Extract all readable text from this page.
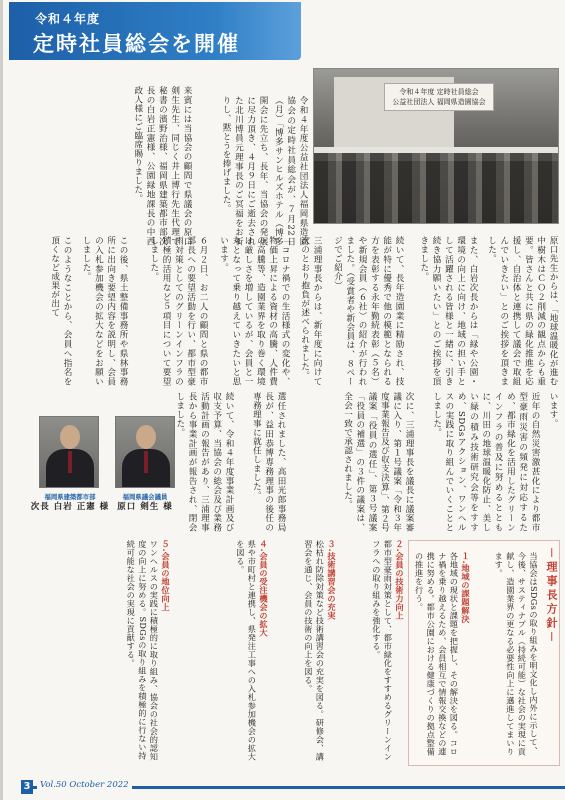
令和４年度
定時社員総会を開催
令和４年度公益社団法人福岡県造園協会の定時社員総会が、７月22日（月）「博多サンヒルズホテル（博多
開会に先立ち、長年、当協会の発展に尽力頂き、４月９日にご逝去された北川博員元理事長のご冥福をお祈りし、黙とうを捧げました。
来賓には当協会の顧問で県議会の原口剣生先生、同じく井上博行先生代理で秘書の濱野治様、福岡県建築都市部次長の白岩正憲様、公園緑地課長の中西政人様にご臨席賜りました。	令和４年度 定時社員総会
公益社団法人 福岡県造園協会
原口先生からは、「地球温暖化が進む中樹木はＣＯ２削減の観点からも重要。皆さんと共に県の緑化推進を応援し、自治体と連携して議会で取組んでいきたい」とのご挨拶を頂きました。
また、白岩次長からは「緑や公園・環境の向上に向け、地域の担い手として活躍される皆様と一緒に、引き続き協力願いたい」とのご挨拶を頂きました。
続いて、長年造園業に精励され、技能が特に優秀で他の模範となられる方を表彰する永年勤続表彰（５名）や新規会員（６社）の紹介が行われました。（受賞者や新会員は、８ページでご紹介）
三浦理事長からは、新年度に向けて次のとおり抱負が述べられました。
「コロナ禍での生活様式の変化や、物価上昇による資材の高騰、人件費の高騰等、造園業界を取り巻く環境は厳しさを増しているが、会員と一丸となって乗り越えていきたいと思います。
６月２日、お二人の顧問と県の都市部長への要望活動を行い、都市型豪雨対策としてのグリーンインフラの積極的活用など５項目について要望しました。
この後、県土整備事務所や県林事務所に出向き要望内容を説明し、会員の入札参加機会の拡大などをお願いしました。
このようなことから、会員へ指名を頂くなど成果が出て
います。
近年の自然災害激甚化により都市型豪雨災害の頻発に対応するため、都市緑化を活用したグリーンインフラの普及に努めるとともに、川田の地球温暖化防止、美しい緑の積み技術研究会等をすすめ、SDGsアクション、ワンヘルスの実践に取り組んでいくこととしました。
次に、三浦理事長を議長に議案審議に入り、第１号議案「令和３年度事業報告及び収支決算」、第２号議案「役員の選任」、第３号議案「役員の補選」の３件の議案は、全会一致で承認されました。
選任されました、高田光郎事務局長が、益田恭博専務理事の後任の専務理事に就任しました。
続いて、令和４年度事業計画及び収支予算、当協会の総会及び業務活動計画の報告があり、三浦理事長から事業計画が報告され、閉会しました。
福岡県建築都市部
次長 白岩 正憲 様
福岡県議会議員
原口 剣生 様
－理事長方針－
当協会はSDGsの取り組みを明文化し内外に示して、今後、サスティナブル（持続可能）な社会の実現に貢献し、造園業界の更なる必要性向上に邁進してまいります。
１.地域の課題解決
各地域の現状と課題を把握し、その解決を図る。コロナ禍を乗り越えるため、会員相互で情報交換などの連携に努める。都市公園における健康づくりの拠点整備の推進を行う。
２.会員の技術力向上
都市型豪雨対策として、都市緑化をすすめるグリーンインフラへの取り組みを強化する。
３.技術講習会の充実
松枯れ防除対策など技術講習会の充実を図る。研修会、講習会を通じ、会員の技術の向上を図る。
４.会員の受注機会の拡大
県や市町村と連携し、県発注工事への入札参加機会の拡大を図る。
５.会員の地位向上
ワンヘルスの実践に積極的に取り組み、協会の社会的認知度の向上に努める。SDGsの取り組みを積極的に行ない持続可能な社会の実現に貢献する。
3	Vol.50 October 2022
